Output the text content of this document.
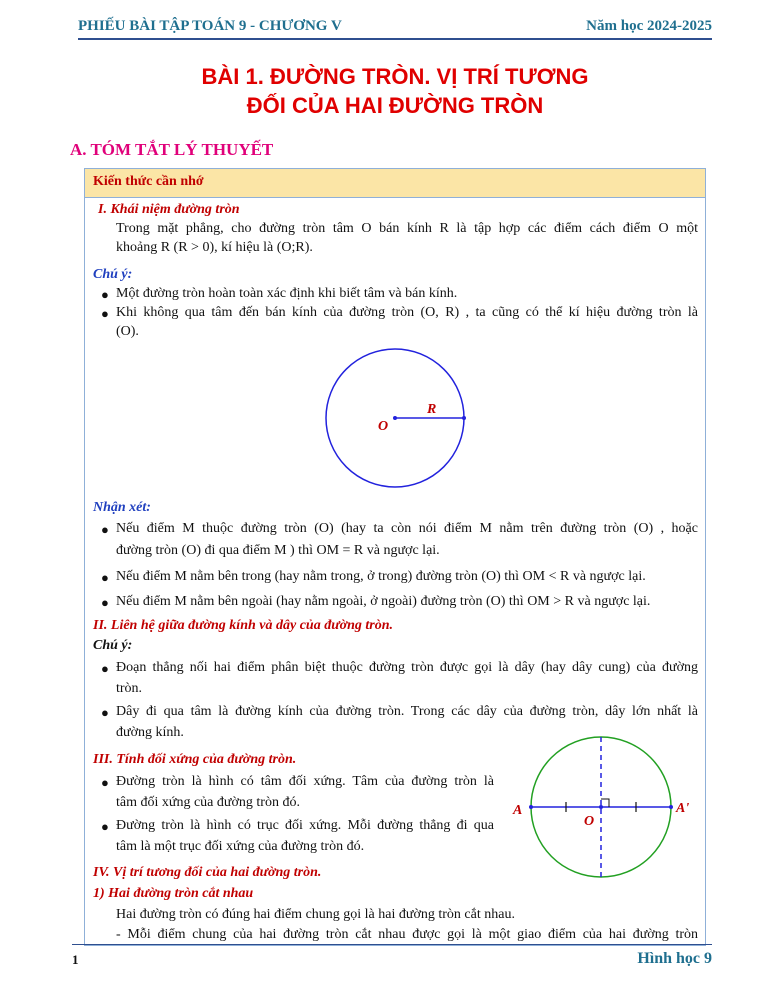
PHIẾU BÀI TẬP TOÁN 9 - CHƯƠNG V	Năm học 2024-2025
BÀI 1. ĐƯỜNG TRÒN. VỊ TRÍ TƯƠNG
ĐỐI CỦA HAI ĐƯỜNG TRÒN
A. TÓM TẮT LÝ THUYẾT
Kiến thức cần nhớ
I. Khái niệm đường tròn
Trong mặt phẳng, cho đường tròn tâm O bán kính R là tập hợp các điểm cách điểm O một
khoảng R (R > 0), kí hiệu là (O;R).
Chú ý:
● Một đường tròn hoàn toàn xác định khi biết tâm và bán kính.
● Khi không qua tâm đến bán kính của đường tròn (O, R) , ta cũng có thể kí hiệu đường tròn là
(O).
O
R
Nhận xét:
● Nếu điểm M thuộc đường tròn (O) (hay ta còn nói điểm M nằm trên đường tròn (O) , hoặc
đường tròn (O) đi qua điểm M ) thì OM = R và ngược lại.
● Nếu điểm M nằm bên trong (hay nằm trong, ở trong) đường tròn (O) thì OM < R và ngược lại.
● Nếu điểm M nằm bên ngoài (hay nằm ngoài, ở ngoài) đường tròn (O) thì OM > R và ngược lại.
II. Liên hệ giữa đường kính và dây của đường tròn.
Chú ý:
● Đoạn thẳng nối hai điểm phân biệt thuộc đường tròn được gọi là dây (hay dây cung) của đường
tròn.
● Dây đi qua tâm là đường kính của đường tròn. Trong các dây của đường tròn, dây lớn nhất là
đường kính.
III. Tính đối xứng của đường tròn.
● Đường tròn là hình có tâm đối xứng. Tâm của đường tròn là
tâm đối xứng của đường tròn đó.
● Đường tròn là hình có trục đối xứng. Mỗi đường thẳng đi qua
tâm là một trục đối xứng của đường tròn đó.
A	A'
O
IV. Vị trí tương đối của hai đường tròn.
1) Hai đường tròn cắt nhau
Hai đường tròn có đúng hai điểm chung gọi là hai đường tròn cắt nhau.
- Mỗi điểm chung của hai đường tròn cắt nhau được gọi là một giao điểm của hai đường tròn
1	Hình học 9
